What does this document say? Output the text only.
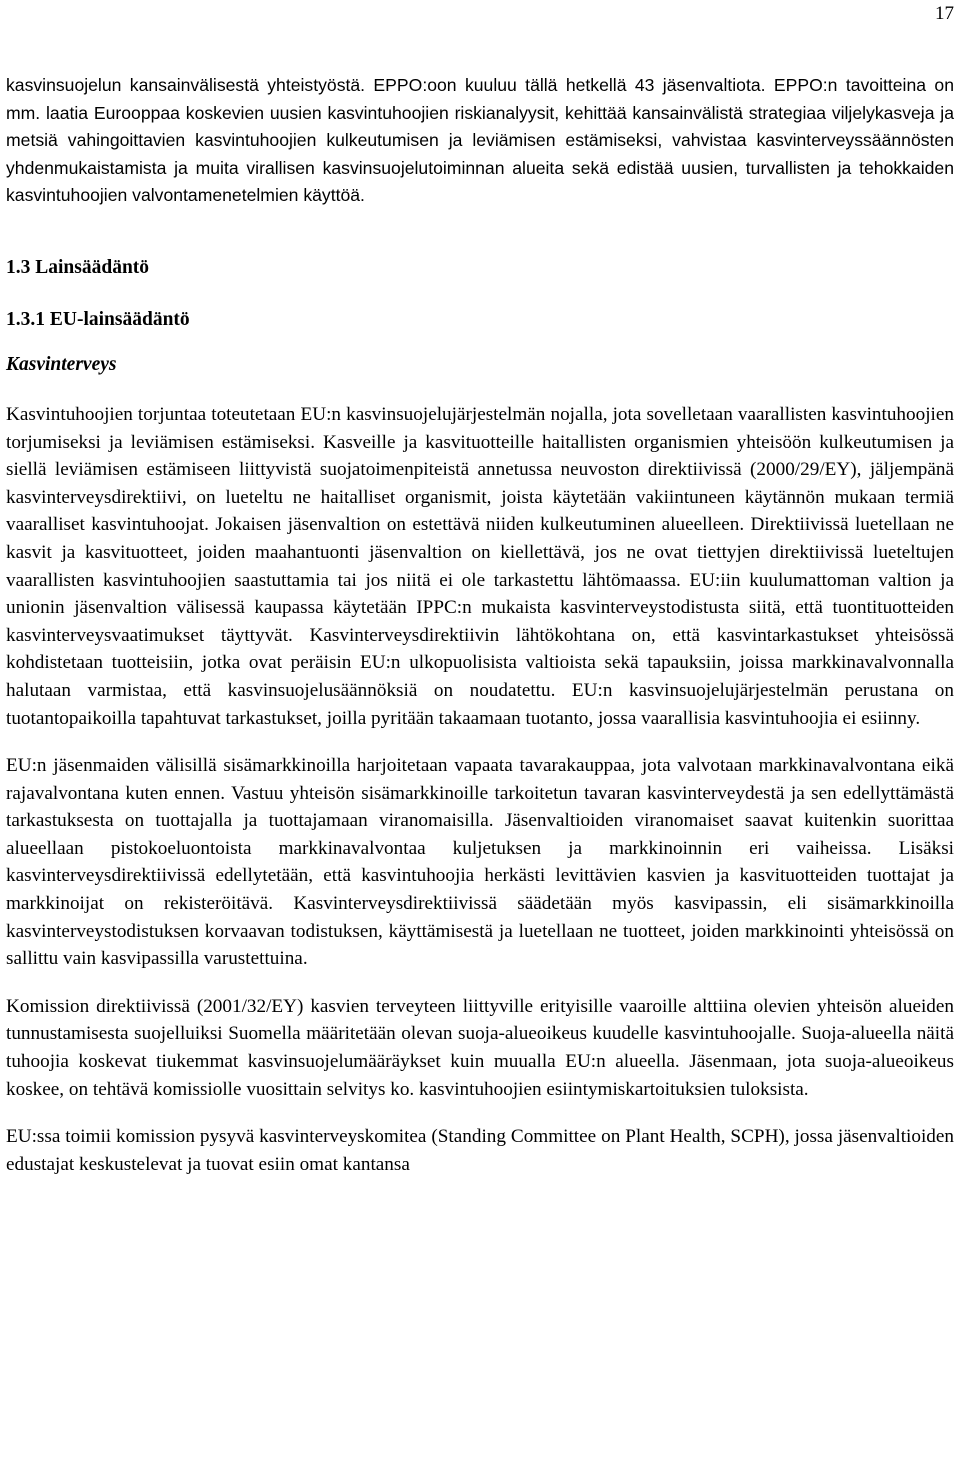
17

kasvinsuojelun kansainvälisestä yhteistyöstä. EPPO:oon kuuluu tällä hetkellä 43 jäsenvaltiota. EPPO:n tavoitteina on mm. laatia Eurooppaa koskevien uusien kasvintuhoojien riskianalyysit, kehittää kansainvälistä strategiaa viljelykasveja ja metsiä vahingoittavien kasvintuhoojien kulkeutumisen ja leviämisen estämiseksi, vahvistaa kasvinterveyssäännösten yhdenmukaistamista ja muita virallisen kasvinsuojelutoiminnan alueita sekä edistää uusien, turvallisten ja tehokkaiden kasvintuhoojien valvontamenetelmien käyttöä.

1.3 Lainsäädäntö
1.3.1 EU-lainsäädäntö
Kasvinterveys

Kasvintuhoojien torjuntaa toteutetaan EU:n kasvinsuojelujärjestelmän nojalla, jota sovelletaan vaarallisten kasvintuhoojien torjumiseksi ja leviämisen estämiseksi. Kasveille ja kasvituotteille haitallisten organismien yhteisöön kulkeutumisen ja siellä leviämisen estämiseen liittyvistä suojatoimenpiteistä annetussa neuvoston direktiivissä (2000/29/EY), jäljempänä kasvinterveysdirektiivi, on lueteltu ne haitalliset organismit, joista käytetään vakiintuneen käytännön mukaan termiä vaaralliset kasvintuhoojat. Jokaisen jäsenvaltion on estettävä niiden kulkeutuminen alueelleen. Direktiivissä luetellaan ne kasvit ja kasvituotteet, joiden maahantuonti jäsenvaltion on kiellettävä, jos ne ovat tiettyjen direktiivissä lueteltujen vaarallisten kasvintuhoojien saastuttamia tai jos niitä ei ole tarkastettu lähtömaassa. EU:iin kuulumattoman valtion ja unionin jäsenvaltion välisessä kaupassa käytetään IPPC:n mukaista kasvinterveystodistusta siitä, että tuontituotteiden kasvinterveysvaatimukset täyttyvät. Kasvinterveysdirektiivin lähtökohtana on, että kasvintarkastukset yhteisössä kohdistetaan tuotteisiin, jotka ovat peräisin EU:n ulkopuolisista valtioista sekä tapauksiin, joissa markkinavalvonnalla halutaan varmistaa, että kasvinsuojelusäännöksiä on noudatettu. EU:n kasvinsuojelujärjestelmän perustana on tuotantopaikoilla tapahtuvat tarkastukset, joilla pyritään takaamaan tuotanto, jossa vaarallisia kasvintuhoojia ei esiinny.

EU:n jäsenmaiden välisillä sisämarkkinoilla harjoitetaan vapaata tavarakauppaa, jota valvotaan markkinavalvontana eikä rajavalvontana kuten ennen. Vastuu yhteisön sisämarkkinoille tarkoitetun tavaran kasvinterveydestä ja sen edellyttämästä tarkastuksesta on tuottajalla ja tuottajamaan viranomaisilla. Jäsenvaltioiden viranomaiset saavat kuitenkin suorittaa alueellaan pistokoeluontoista markkinavalvontaa kuljetuksen ja markkinoinnin eri vaiheissa. Lisäksi kasvinterveysdirektiivissä edellytetään, että kasvintuhoojia herkästi levittävien kasvien ja kasvituotteiden tuottajat ja markkinoijat on rekisteröitävä. Kasvinterveysdirektiivissä säädetään myös kasvipassin, eli sisämarkkinoilla kasvinterveystodistuksen korvaavan todistuksen, käyttämisestä ja luetellaan ne tuotteet, joiden markkinointi yhteisössä on sallittu vain kasvipassilla varustettuina.

Komission direktiivissä (2001/32/EY) kasvien terveyteen liittyville erityisille vaaroille alttiina olevien yhteisön alueiden tunnustamisesta suojelluiksi Suomella määritetään olevan suoja-alueoikeus kuudelle kasvintuhoojalle. Suoja-alueella näitä tuhoojia koskevat tiukemmat kasvinsuojelumääräykset kuin muualla EU:n alueella. Jäsenmaan, jota suoja-alueoikeus koskee, on tehtävä komissiolle vuosittain selvitys ko. kasvintuhoojien esiintymiskartoituksien tuloksista.

EU:ssa toimii komission pysyvä kasvinterveyskomitea (Standing Committee on Plant Health, SCPH), jossa jäsenvaltioiden edustajat keskustelevat ja tuovat esiin omat kantansa
